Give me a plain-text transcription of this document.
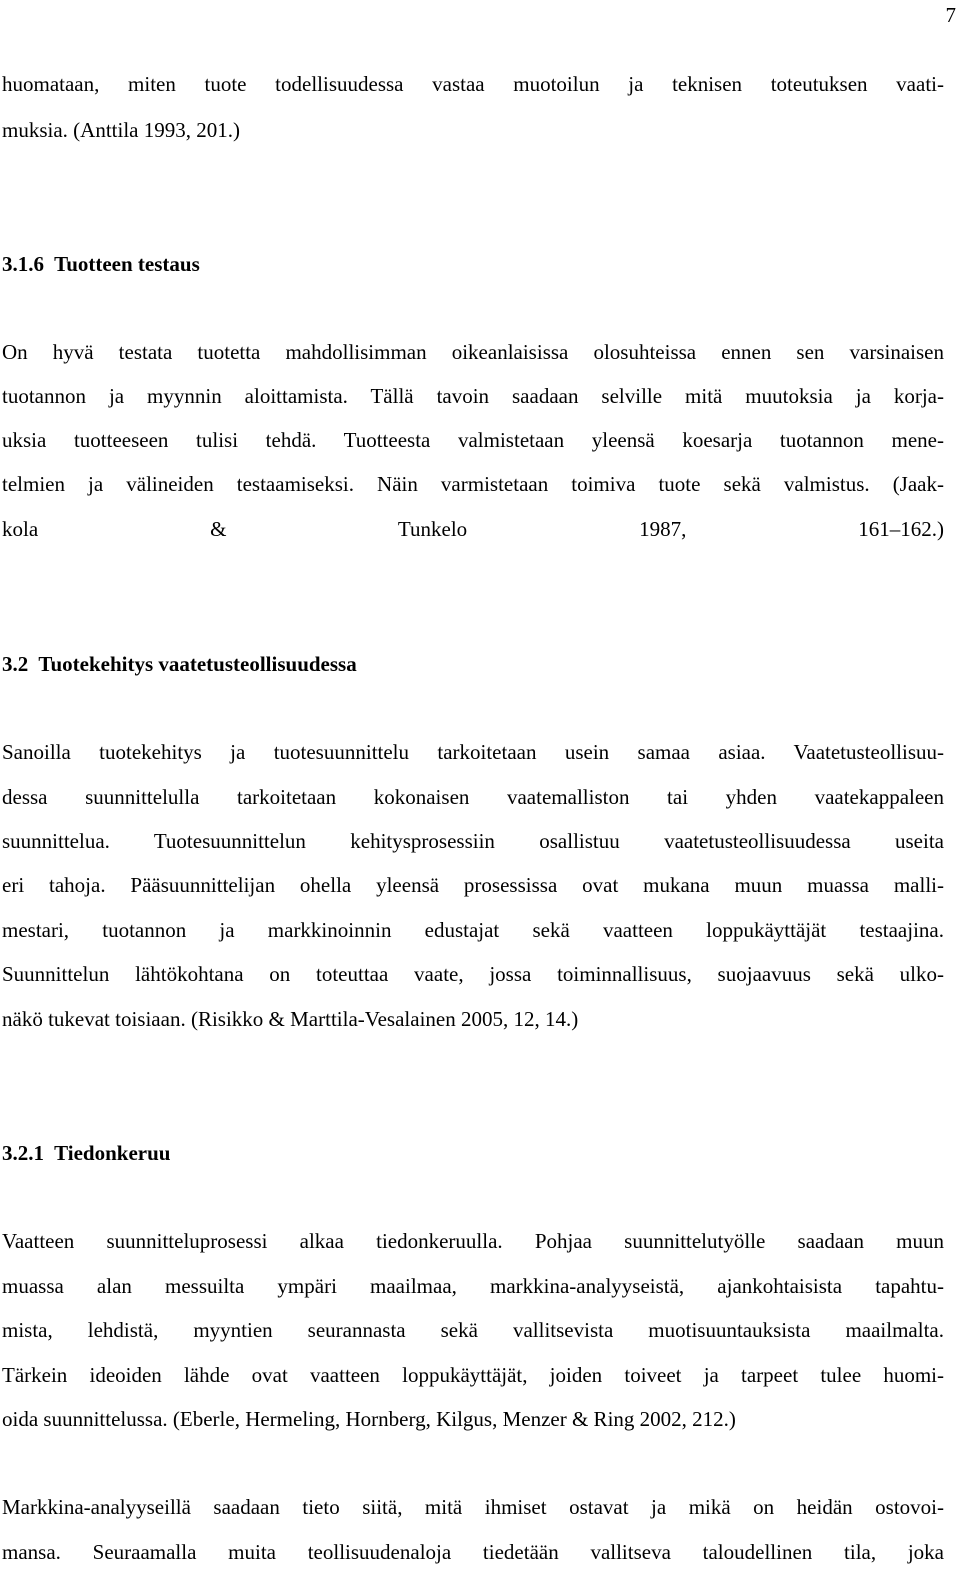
7
huomataan, miten tuote todellisuudessa vastaa muotoilun ja teknisen toteutuksen vaati-
muksia. (Anttila 1993, 201.)
3.1.6  Tuotteen testaus
On hyvä testata tuotetta mahdollisimman oikeanlaisissa olosuhteissa ennen sen varsinaisen
tuotannon ja myynnin aloittamista. Tällä tavoin saadaan selville mitä muutoksia ja korja-
uksia tuotteeseen tulisi tehdä. Tuotteesta valmistetaan yleensä koesarja tuotannon mene-
telmien ja välineiden testaamiseksi. Näin varmistetaan toimiva tuote sekä valmistus. (Jaak-
kola & Tunkelo 1987, 161–162.)
3.2  Tuotekehitys vaatetusteollisuudessa
Sanoilla tuotekehitys ja tuotesuunnittelu tarkoitetaan usein samaa asiaa. Vaatetusteollisuu-
dessa suunnittelulla tarkoitetaan kokonaisen vaatemalliston tai yhden vaatekappaleen
suunnittelua. Tuotesuunnittelun kehitysprosessiin osallistuu vaatetusteollisuudessa useita
eri tahoja. Pääsuunnittelijan ohella yleensä prosessissa ovat mukana muun muassa malli-
mestari, tuotannon ja markkinoinnin edustajat sekä vaatteen loppukäyttäjät testaajina.
Suunnittelun lähtökohtana on toteuttaa vaate, jossa toiminnallisuus, suojaavuus sekä ulko-
näkö tukevat toisiaan. (Risikko & Marttila-Vesalainen 2005, 12, 14.)
3.2.1  Tiedonkeruu
Vaatteen suunnitteluprosessi alkaa tiedonkeruulla. Pohjaa suunnittelutyölle saadaan muun
muassa alan messuilta ympäri maailmaa, markkina-analyyseistä, ajankohtaisista tapahtu-
mista, lehdistä, myyntien seurannasta sekä vallitsevista muotisuuntauksista maailmalta.
Tärkein ideoiden lähde ovat vaatteen loppukäyttäjät, joiden toiveet ja tarpeet tulee huomi-
oida suunnittelussa. (Eberle, Hermeling, Hornberg, Kilgus, Menzer & Ring 2002, 212.)
Markkina-analyyseillä saadaan tieto siitä, mitä ihmiset ostavat ja mikä on heidän ostovoi-
mansa. Seuraamalla muita teollisuudenaloja tiedetään vallitseva taloudellinen tila, joka
